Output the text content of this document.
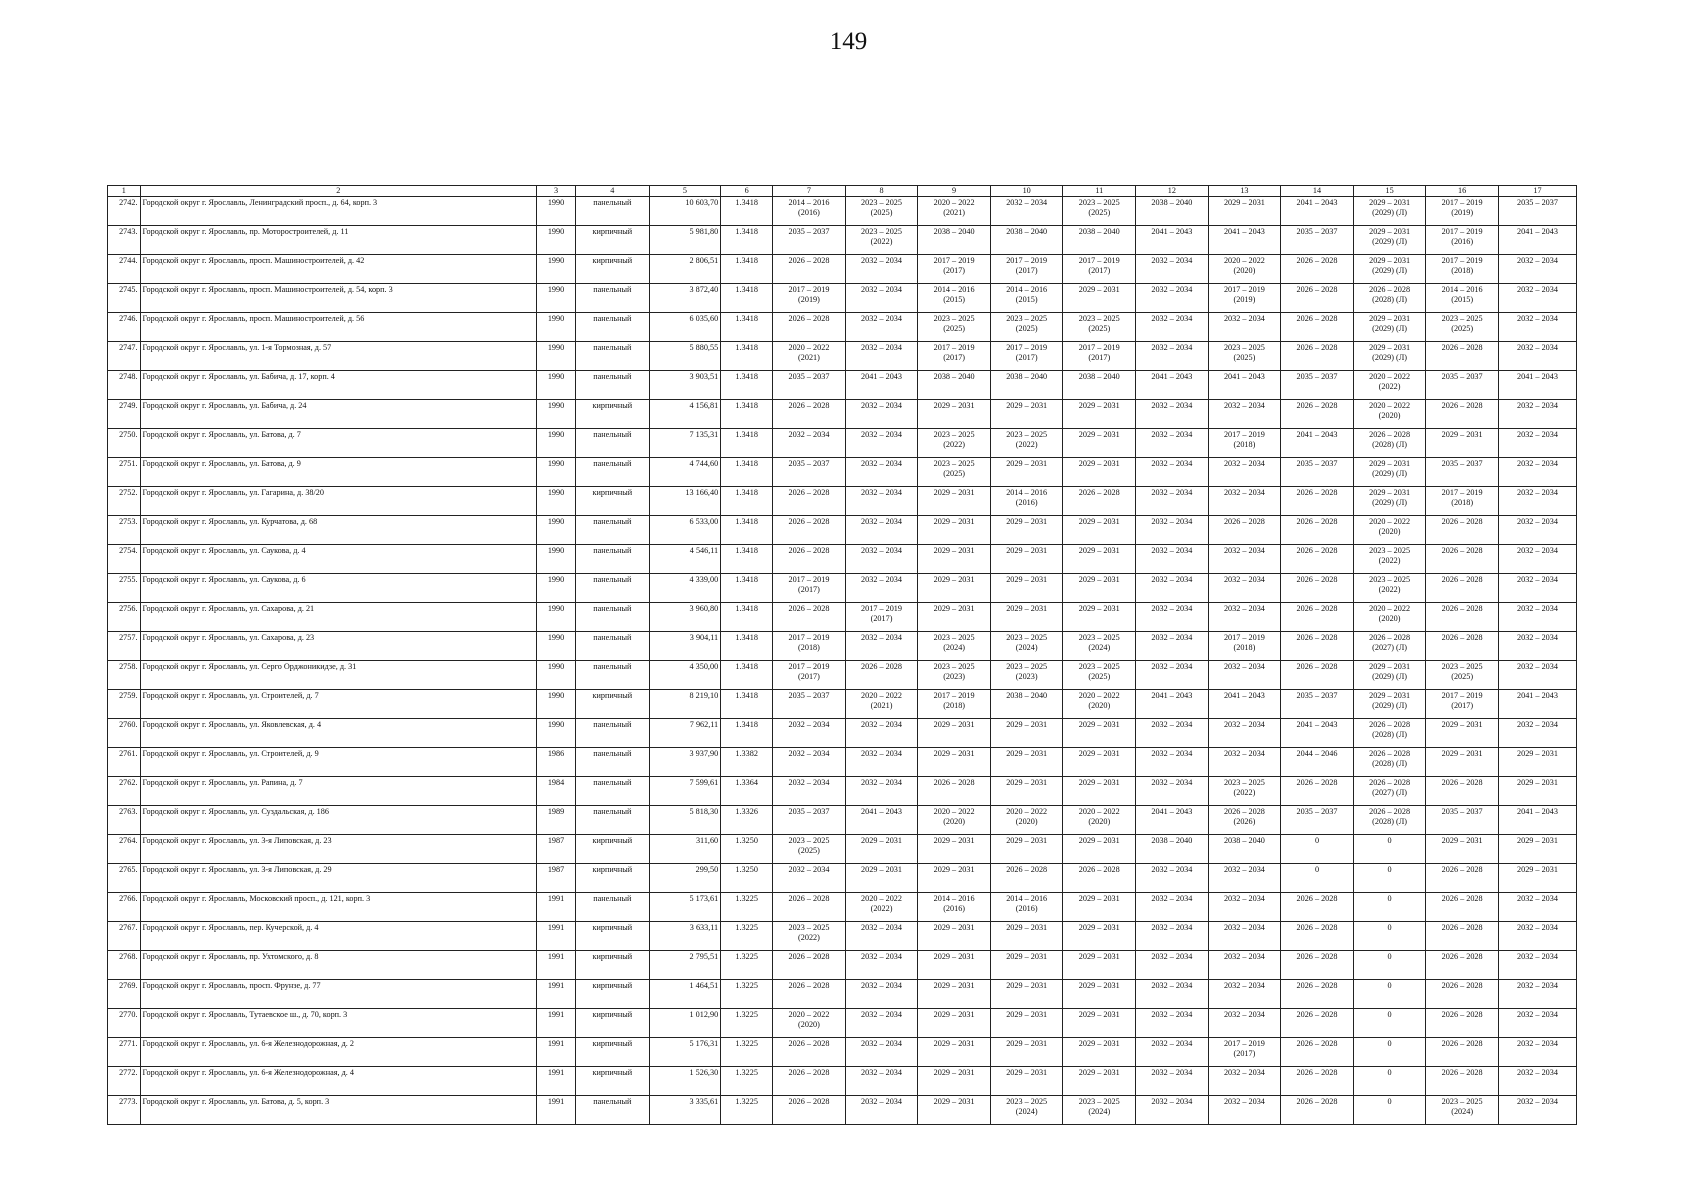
149
1	2	3	4	5	6	7	8	9	10	11	12	13	14	15	16	17
2742.	Городской округ г. Ярославль, Ленинградский просп., д. 64, корп. 3	1990	панельный	10 603,70	1.3418	2014 – 2016
(2016)	2023 – 2025
(2025)	2020 – 2022
(2021)	2032 – 2034	2023 – 2025
(2025)	2038 – 2040	2029 – 2031	2041 – 2043	2029 – 2031
(2029) (Л)	2017 – 2019
(2019)	2035 – 2037
2743.	Городской округ г. Ярославль, пр. Моторостроителей, д. 11	1990	кирпичный	5 981,80	1.3418	2035 – 2037	2023 – 2025
(2022)	2038 – 2040	2038 – 2040	2038 – 2040	2041 – 2043	2041 – 2043	2035 – 2037	2029 – 2031
(2029) (Л)	2017 – 2019
(2016)	2041 – 2043
2744.	Городской округ г. Ярославль, просп. Машиностроителей, д. 42	1990	кирпичный	2 806,51	1.3418	2026 – 2028	2032 – 2034	2017 – 2019
(2017)	2017 – 2019
(2017)	2017 – 2019
(2017)	2032 – 2034	2020 – 2022
(2020)	2026 – 2028	2029 – 2031
(2029) (Л)	2017 – 2019
(2018)	2032 – 2034
2745.	Городской округ г. Ярославль, просп. Машиностроителей, д. 54, корп. 3	1990	панельный	3 872,40	1.3418	2017 – 2019
(2019)	2032 – 2034	2014 – 2016
(2015)	2014 – 2016
(2015)	2029 – 2031	2032 – 2034	2017 – 2019
(2019)	2026 – 2028	2026 – 2028
(2028) (Л)	2014 – 2016
(2015)	2032 – 2034
2746.	Городской округ г. Ярославль, просп. Машиностроителей, д. 56	1990	панельный	6 035,60	1.3418	2026 – 2028	2032 – 2034	2023 – 2025
(2025)	2023 – 2025
(2025)	2023 – 2025
(2025)	2032 – 2034	2032 – 2034	2026 – 2028	2029 – 2031
(2029) (Л)	2023 – 2025
(2025)	2032 – 2034
2747.	Городской округ г. Ярославль, ул. 1-я Тормозная, д. 57	1990	панельный	5 880,55	1.3418	2020 – 2022
(2021)	2032 – 2034	2017 – 2019
(2017)	2017 – 2019
(2017)	2017 – 2019
(2017)	2032 – 2034	2023 – 2025
(2025)	2026 – 2028	2029 – 2031
(2029) (Л)	2026 – 2028	2032 – 2034
2748.	Городской округ г. Ярославль, ул. Бабича, д. 17, корп. 4	1990	панельный	3 903,51	1.3418	2035 – 2037	2041 – 2043	2038 – 2040	2038 – 2040	2038 – 2040	2041 – 2043	2041 – 2043	2035 – 2037	2020 – 2022
(2022)	2035 – 2037	2041 – 2043
2749.	Городской округ г. Ярославль, ул. Бабича, д. 24	1990	кирпичный	4 156,81	1.3418	2026 – 2028	2032 – 2034	2029 – 2031	2029 – 2031	2029 – 2031	2032 – 2034	2032 – 2034	2026 – 2028	2020 – 2022
(2020)	2026 – 2028	2032 – 2034
2750.	Городской округ г. Ярославль, ул. Батова, д. 7	1990	панельный	7 135,31	1.3418	2032 – 2034	2032 – 2034	2023 – 2025
(2022)	2023 – 2025
(2022)	2029 – 2031	2032 – 2034	2017 – 2019
(2018)	2041 – 2043	2026 – 2028
(2028) (Л)	2029 – 2031	2032 – 2034
2751.	Городской округ г. Ярославль, ул. Батова, д. 9	1990	панельный	4 744,60	1.3418	2035 – 2037	2032 – 2034	2023 – 2025
(2025)	2029 – 2031	2029 – 2031	2032 – 2034	2032 – 2034	2035 – 2037	2029 – 2031
(2029) (Л)	2035 – 2037	2032 – 2034
2752.	Городской округ г. Ярославль, ул. Гагарина, д. 38/20	1990	кирпичный	13 166,40	1.3418	2026 – 2028	2032 – 2034	2029 – 2031	2014 – 2016
(2016)	2026 – 2028	2032 – 2034	2032 – 2034	2026 – 2028	2029 – 2031
(2029) (Л)	2017 – 2019
(2018)	2032 – 2034
2753.	Городской округ г. Ярославль, ул. Курчатова, д. 68	1990	панельный	6 533,00	1.3418	2026 – 2028	2032 – 2034	2029 – 2031	2029 – 2031	2029 – 2031	2032 – 2034	2026 – 2028	2026 – 2028	2020 – 2022
(2020)	2026 – 2028	2032 – 2034
2754.	Городской округ г. Ярославль, ул. Саукова, д. 4	1990	панельный	4 546,11	1.3418	2026 – 2028	2032 – 2034	2029 – 2031	2029 – 2031	2029 – 2031	2032 – 2034	2032 – 2034	2026 – 2028	2023 – 2025
(2022)	2026 – 2028	2032 – 2034
2755.	Городской округ г. Ярославль, ул. Саукова, д. 6	1990	панельный	4 339,00	1.3418	2017 – 2019
(2017)	2032 – 2034	2029 – 2031	2029 – 2031	2029 – 2031	2032 – 2034	2032 – 2034	2026 – 2028	2023 – 2025
(2022)	2026 – 2028	2032 – 2034
2756.	Городской округ г. Ярославль, ул. Сахарова, д. 21	1990	панельный	3 960,80	1.3418	2026 – 2028	2017 – 2019
(2017)	2029 – 2031	2029 – 2031	2029 – 2031	2032 – 2034	2032 – 2034	2026 – 2028	2020 – 2022
(2020)	2026 – 2028	2032 – 2034
2757.	Городской округ г. Ярославль, ул. Сахарова, д. 23	1990	панельный	3 904,11	1.3418	2017 – 2019
(2018)	2032 – 2034	2023 – 2025
(2024)	2023 – 2025
(2024)	2023 – 2025
(2024)	2032 – 2034	2017 – 2019
(2018)	2026 – 2028	2026 – 2028
(2027) (Л)	2026 – 2028	2032 – 2034
2758.	Городской округ г. Ярославль, ул. Серго Орджоникидзе, д. 31	1990	панельный	4 350,00	1.3418	2017 – 2019
(2017)	2026 – 2028	2023 – 2025
(2023)	2023 – 2025
(2023)	2023 – 2025
(2025)	2032 – 2034	2032 – 2034	2026 – 2028	2029 – 2031
(2029) (Л)	2023 – 2025
(2025)	2032 – 2034
2759.	Городской округ г. Ярославль, ул. Строителей, д. 7	1990	кирпичный	8 219,10	1.3418	2035 – 2037	2020 – 2022
(2021)	2017 – 2019
(2018)	2038 – 2040	2020 – 2022
(2020)	2041 – 2043	2041 – 2043	2035 – 2037	2029 – 2031
(2029) (Л)	2017 – 2019
(2017)	2041 – 2043
2760.	Городской округ г. Ярославль, ул. Яковлевская, д. 4	1990	панельный	7 962,11	1.3418	2032 – 2034	2032 – 2034	2029 – 2031	2029 – 2031	2029 – 2031	2032 – 2034	2032 – 2034	2041 – 2043	2026 – 2028
(2028) (Л)	2029 – 2031	2032 – 2034
2761.	Городской округ г. Ярославль, ул. Строителей, д. 9	1986	панельный	3 937,90	1.3382	2032 – 2034	2032 – 2034	2029 – 2031	2029 – 2031	2029 – 2031	2032 – 2034	2032 – 2034	2044 – 2046	2026 – 2028
(2028) (Л)	2029 – 2031	2029 – 2031
2762.	Городской округ г. Ярославль, ул. Рапина, д. 7	1984	панельный	7 599,61	1.3364	2032 – 2034	2032 – 2034	2026 – 2028	2029 – 2031	2029 – 2031	2032 – 2034	2023 – 2025
(2022)	2026 – 2028	2026 – 2028
(2027) (Л)	2026 – 2028	2029 – 2031
2763.	Городской округ г. Ярославль, ул. Суздальская, д. 186	1989	панельный	5 818,30	1.3326	2035 – 2037	2041 – 2043	2020 – 2022
(2020)	2020 – 2022
(2020)	2020 – 2022
(2020)	2041 – 2043	2026 – 2028
(2026)	2035 – 2037	2026 – 2028
(2028) (Л)	2035 – 2037	2041 – 2043
2764.	Городской округ г. Ярославль, ул. 3-я Липовская, д. 23	1987	кирпичный	311,60	1.3250	2023 – 2025
(2025)	2029 – 2031	2029 – 2031	2029 – 2031	2029 – 2031	2038 – 2040	2038 – 2040	0	0	2029 – 2031	2029 – 2031
2765.	Городской округ г. Ярославль, ул. 3-я Липовская, д. 29	1987	кирпичный	299,50	1.3250	2032 – 2034	2029 – 2031	2029 – 2031	2026 – 2028	2026 – 2028	2032 – 2034	2032 – 2034	0	0	2026 – 2028	2029 – 2031
2766.	Городской округ г. Ярославль, Московский просп., д. 121, корп. 3	1991	панельный	5 173,61	1.3225	2026 – 2028	2020 – 2022
(2022)	2014 – 2016
(2016)	2014 – 2016
(2016)	2029 – 2031	2032 – 2034	2032 – 2034	2026 – 2028	0	2026 – 2028	2032 – 2034
2767.	Городской округ г. Ярославль, пер. Кучерской, д. 4	1991	кирпичный	3 633,11	1.3225	2023 – 2025
(2022)	2032 – 2034	2029 – 2031	2029 – 2031	2029 – 2031	2032 – 2034	2032 – 2034	2026 – 2028	0	2026 – 2028	2032 – 2034
2768.	Городской округ г. Ярославль, пр. Ухтомского, д. 8	1991	кирпичный	2 795,51	1.3225	2026 – 2028	2032 – 2034	2029 – 2031	2029 – 2031	2029 – 2031	2032 – 2034	2032 – 2034	2026 – 2028	0	2026 – 2028	2032 – 2034
2769.	Городской округ г. Ярославль, просп. Фрунзе, д. 77	1991	кирпичный	1 464,51	1.3225	2026 – 2028	2032 – 2034	2029 – 2031	2029 – 2031	2029 – 2031	2032 – 2034	2032 – 2034	2026 – 2028	0	2026 – 2028	2032 – 2034
2770.	Городской округ г. Ярославль, Тутаевское ш., д. 70, корп. 3	1991	кирпичный	1 012,90	1.3225	2020 – 2022
(2020)	2032 – 2034	2029 – 2031	2029 – 2031	2029 – 2031	2032 – 2034	2032 – 2034	2026 – 2028	0	2026 – 2028	2032 – 2034
2771.	Городской округ г. Ярославль, ул. 6-я Железнодорожная, д. 2	1991	кирпичный	5 176,31	1.3225	2026 – 2028	2032 – 2034	2029 – 2031	2029 – 2031	2029 – 2031	2032 – 2034	2017 – 2019
(2017)	2026 – 2028	0	2026 – 2028	2032 – 2034
2772.	Городской округ г. Ярославль, ул. 6-я Железнодорожная, д. 4	1991	кирпичный	1 526,30	1.3225	2026 – 2028	2032 – 2034	2029 – 2031	2029 – 2031	2029 – 2031	2032 – 2034	2032 – 2034	2026 – 2028	0	2026 – 2028	2032 – 2034
2773.	Городской округ г. Ярославль, ул. Батова, д. 5, корп. 3	1991	панельный	3 335,61	1.3225	2026 – 2028	2032 – 2034	2029 – 2031	2023 – 2025
(2024)	2023 – 2025
(2024)	2032 – 2034	2032 – 2034	2026 – 2028	0	2023 – 2025
(2024)	2032 – 2034
